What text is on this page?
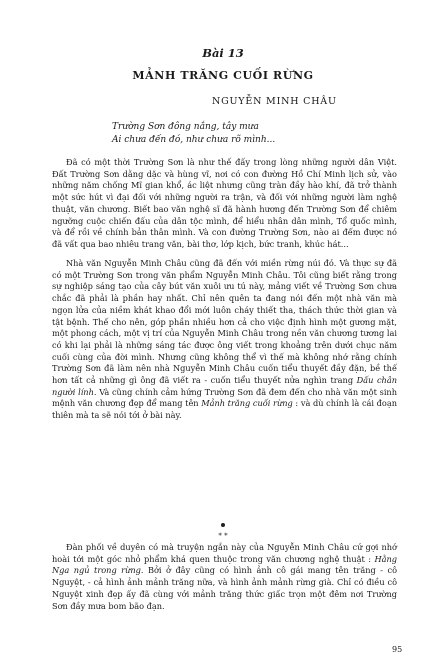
Bài 13
MẢNH TRĂNG CUỐI RỪNG
NGUYỄN MINH CHÂU
Trường Sơn đông nắng, tây mưa
Ai chưa đến đó, như chưa rõ mình...

Đã có một thời Trường Sơn là như thế đấy trong lòng những người dân Việt. Đất Trường Sơn dằng dặc và hùng vĩ, nơi có con đường Hồ Chí Minh lịch sử, vào những năm chống Mĩ gian khổ, ác liệt nhưng cũng tràn đầy hào khí, đã trở thành một sức hút vì đại đối với những người ra trận, và đối với những người làm nghệ thuật, văn chương. Biết bao văn nghệ sĩ đã hành hương đến Trường Sơn để chiêm ngưỡng cuộc chiến đấu của dân tộc mình, để hiểu nhân dân mình, Tổ quốc mình, và để rồi về chính bản thân mình. Và con đường Trường Sơn, nào ai đếm được nó đã vất qua bao nhiêu trang văn, bài thơ, lớp kịch, bức tranh, khúc hát...

Nhà văn Nguyễn Minh Châu cũng đã đến với miền rừng núi đó. Và thực sự đã có một Trường Sơn trong văn phẩm Nguyễn Minh Châu. Tôi cũng biết rằng trong sự nghiệp sáng tạo của cây bút văn xuôi ưu tú này, mảng viết về Trường Sơn chưa chắc đã phải là phần hay nhất. Chỉ nên quên ta đang nói đến một nhà văn mà ngọn lửa của niềm khát khao đổi mới luôn cháy thiết tha, thách thức thời gian và tật bệnh. Thế cho nên, góp phần nhiều hơn cả cho việc định hình một gương mặt, một phong cách, một vị trí của Nguyễn Minh Châu trong nền văn chương tương lai có khi lại phải là những sáng tác được ông viết trong khoảng trên dưới chục năm cuối cùng của đời mình. Nhưng cũng không thể vì thế mà không nhớ rằng chính Trường Sơn đã làm nên nhà Nguyễn Minh Châu cuốn tiểu thuyết đầy đặn, bề thế hơn tất cả những gì ông đã viết ra - cuốn tiểu thuyết nửa nghìn trang Dấu chân người lính. Và cũng chính cảm hứng Trường Sơn đã đem đến cho nhà văn một sinh mệnh văn chương đẹp để mang tên Mảnh trăng cuối rừng : và dù chính là cái đoạn thiên mà ta sẽ nói tới ở bài này.

* *

Đàn phối về duyên có mà truyện ngắn này của Nguyễn Minh Châu cứ gợi nhớ hoài tới một góc nhỏ phẩm khá quen thuộc trong văn chương nghệ thuật : Hằng Nga ngủ trong rừng. Bởi ở đây cũng có hình ảnh cô gái mang tên trăng - cô Nguyệt, - cả hình ảnh mảnh trăng nữa, và hình ảnh mảnh rừng già. Chỉ có điều cô Nguyệt xinh đẹp ấy đã cùng với mảnh trăng thức giấc trọn một đêm nơi Trường Sơn đầy mưa bom bão đạn.

95
